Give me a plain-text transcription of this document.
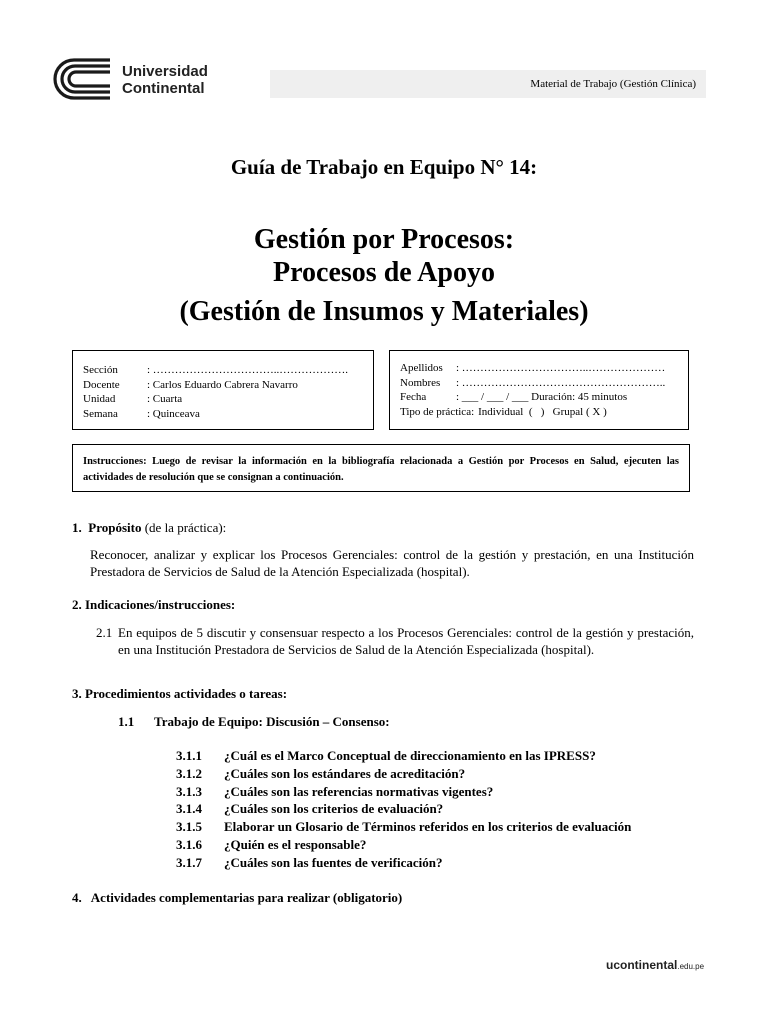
Universidad
Continental	Material de Trabajo (Gestión Clínica)
Guía de Trabajo en Equipo N° 14:
Gestión por Procesos:
Procesos de Apoyo
(Gestión de Insumos y Materiales)
Sección	: ……………………………..……………….
Docente	: Carlos Eduardo Cabrera Navarro
Unidad	: Cuarta
Semana	: Quinceava
Apellidos	: ……………………………..…………………
Nombres	: ………………………………………………..
Fecha	: ___ / ___ / ___ Duración: 45 minutos
Tipo de práctica: Individual  (   )   Grupal ( X )
Instrucciones: Luego de revisar la información en la bibliografía relacionada a Gestión por Procesos en Salud, ejecuten las actividades de resolución que se consignan a continuación.
1. Propósito (de la práctica):
Reconocer, analizar y explicar los Procesos Gerenciales: control de la gestión y prestación, en una Institución Prestadora de Servicios de Salud de la Atención Especializada (hospital).
2. Indicaciones/instrucciones:
2.1 En equipos de 5 discutir y consensuar respecto a los Procesos Gerenciales: control de la gestión y prestación, en una Institución Prestadora de Servicios de Salud de la Atención Especializada (hospital).
3. Procedimientos actividades o tareas:
1.1 Trabajo de Equipo: Discusión – Consenso:
3.1.1	¿Cuál es el Marco Conceptual de direccionamiento en las IPRESS?
3.1.2	¿Cuáles son los estándares de acreditación?
3.1.3	¿Cuáles son las referencias normativas vigentes?
3.1.4	¿Cuáles son los criterios de evaluación?
3.1.5	Elaborar un Glosario de Términos referidos en los criterios de evaluación
3.1.6	¿Quién es el responsable?
3.1.7	¿Cuáles son las fuentes de verificación?
4.   Actividades complementarias para realizar (obligatorio)
ucontinental.edu.pe
